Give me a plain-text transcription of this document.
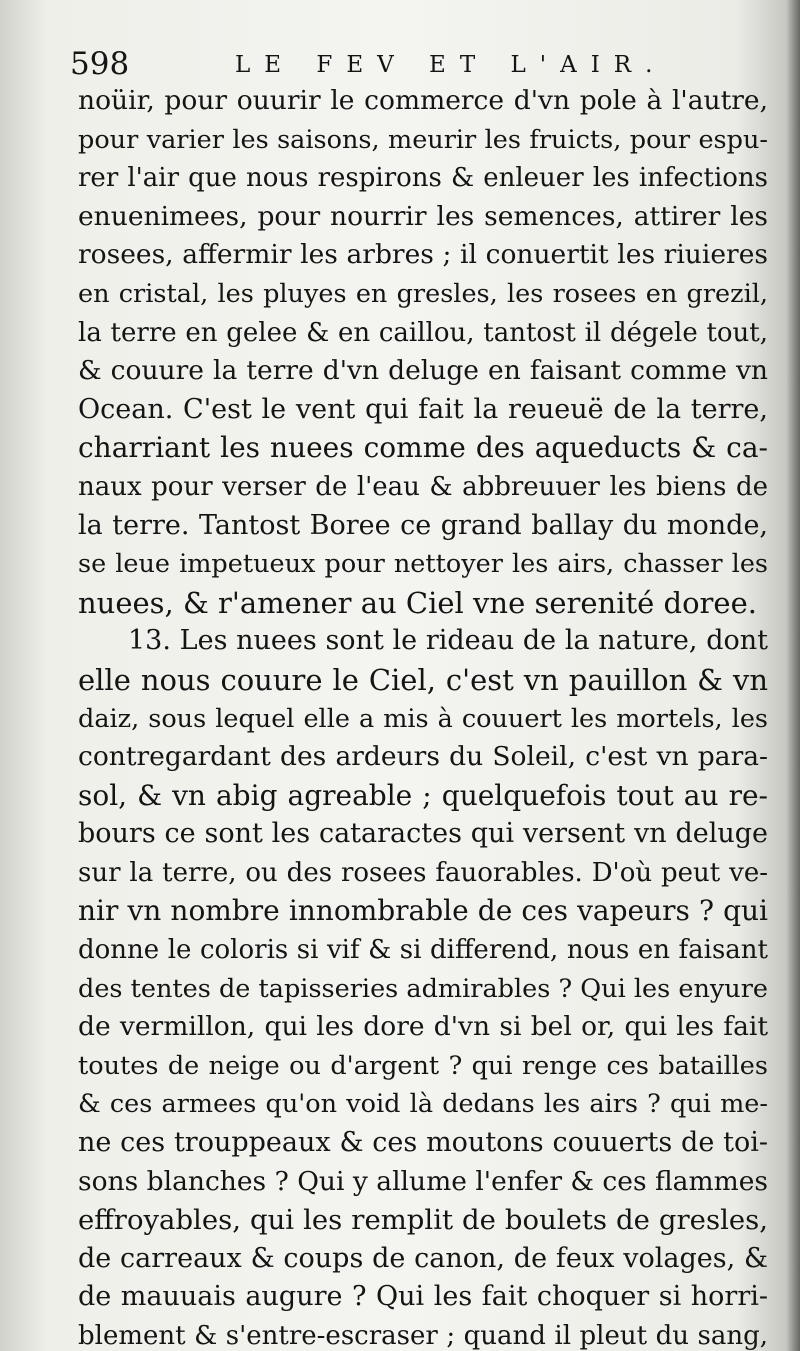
598	LE FEV ET L'AIR.
noüir, pour ouurir le commerce d'vn pole à l'autre,
pour varier les saisons, meurir les fruicts, pour espu-
rer l'air que nous respirons & enleuer les infections
enuenimees, pour nourrir les semences, attirer les
rosees, affermir les arbres ; il conuertit les riuieres
en cristal, les pluyes en gresles, les rosees en grezil,
la terre en gelee & en caillou, tantost il dégele tout,
& couure la terre d'vn deluge en faisant comme vn
Ocean. C'est le vent qui fait la reueuë de la terre,
charriant les nuees comme des aqueducts & ca-
naux pour verser de l'eau & abbreuuer les biens de
la terre. Tantost Boree ce grand ballay du monde,
se leue impetueux pour nettoyer les airs, chasser les
nuees, & r'amener au Ciel vne serenité doree.
13. Les nuees sont le rideau de la nature, dont
elle nous couure le Ciel, c'est vn pauillon & vn
daiz, sous lequel elle a mis à couuert les mortels, les
contregardant des ardeurs du Soleil, c'est vn para-
sol, & vn abig agreable ; quelquefois tout au re-
bours ce sont les cataractes qui versent vn deluge
sur la terre, ou des rosees fauorables. D'où peut ve-
nir vn nombre innombrable de ces vapeurs ? qui
donne le coloris si vif & si differend, nous en faisant
des tentes de tapisseries admirables ? Qui les enyure
de vermillon, qui les dore d'vn si bel or, qui les fait
toutes de neige ou d'argent ? qui renge ces batailles
& ces armees qu'on void là dedans les airs ? qui me-
ne ces trouppeaux & ces moutons couuerts de toi-
sons blanches ? Qui y allume l'enfer & ces flammes
effroyables, qui les remplit de boulets de gresles,
de carreaux & coups de canon, de feux volages, &
de mauuais augure ? Qui les fait choquer si horri-
blement & s'entre-escraser ; quand il pleut du sang,
